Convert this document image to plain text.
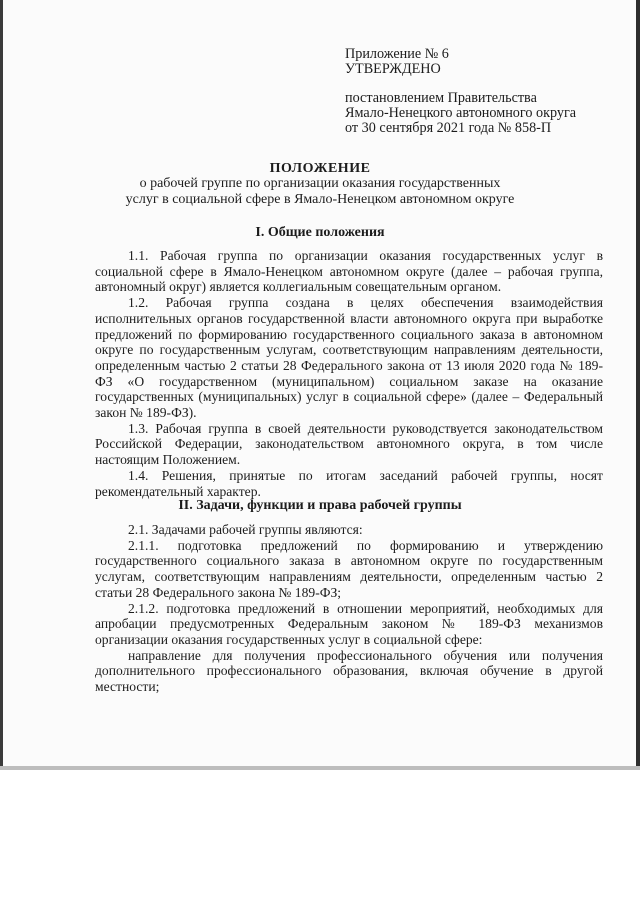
Приложение № 6
УТВЕРЖДЕНО
постановлением Правительства
Ямало-Ненецкого автономного округа
от 30 сентября 2021 года № 858-П
ПОЛОЖЕНИЕ
о рабочей группе по организации оказания государственных
услуг в социальной сфере в Ямало-Ненецком автономном округе
I. Общие положения

1.1. Рабочая группа по организации оказания государственных услуг в социальной сфере в Ямало-Ненецком автономном округе (далее – рабочая группа, автономный округ) является коллегиальным совещательным органом.

1.2. Рабочая группа создана в целях обеспечения взаимодействия исполнительных органов государственной власти автономного округа при выработке предложений по формированию государственного социального заказа в автономном округе по государственным услугам, соответствующим направлениям деятельности, определенным частью 2 статьи 28 Федерального закона от 13 июля 2020 года № 189-ФЗ «О государственном (муниципальном) социальном заказе на оказание государственных (муниципальных) услуг в социальной сфере» (далее – Федеральный закон № 189-ФЗ).

1.3. Рабочая группа в своей деятельности руководствуется законодательством Российской Федерации, законодательством автономного округа, в том числе настоящим Положением.

1.4. Решения, принятые по итогам заседаний рабочей группы, носят рекомендательный характер.

II. Задачи, функции и права рабочей группы

2.1. Задачами рабочей группы являются:

2.1.1. подготовка предложений по формированию и утверждению государственного социального заказа в автономном округе по государственным услугам, соответствующим направлениям деятельности, определенным частью 2 статьи 28 Федерального закона № 189-ФЗ;

2.1.2. подготовка предложений в отношении мероприятий, необходимых для апробации предусмотренных Федеральным законом № 189-ФЗ механизмов организации оказания государственных услуг в социальной сфере:

направление для получения профессионального обучения или получения дополнительного профессионального образования, включая обучение в другой местности;
